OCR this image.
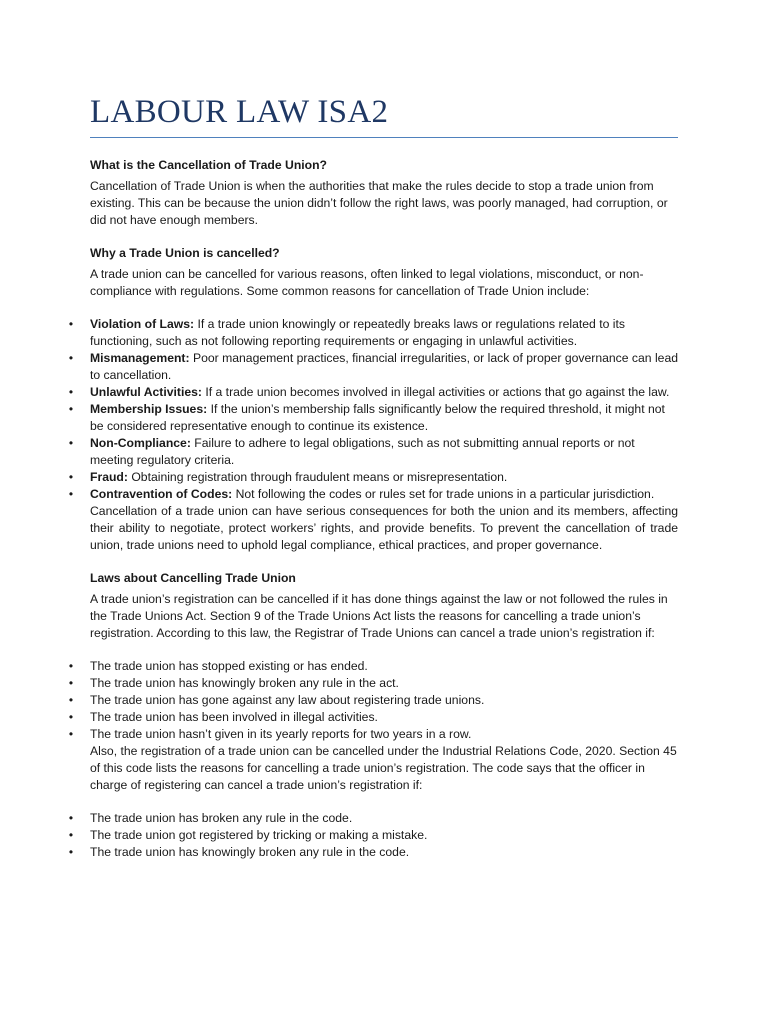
LABOUR LAW ISA2

What is the Cancellation of Trade Union?

Cancellation of Trade Union is when the authorities that make the rules decide to stop a trade union from existing. This can be because the union didn’t follow the right laws, was poorly managed, had corruption, or did not have enough members.

Why a Trade Union is cancelled?

A trade union can be cancelled for various reasons, often linked to legal violations, misconduct, or non-compliance with regulations. Some common reasons for cancellation of Trade Union include:

• Violation of Laws: If a trade union knowingly or repeatedly breaks laws or regulations related to its functioning, such as not following reporting requirements or engaging in unlawful activities.
• Mismanagement: Poor management practices, financial irregularities, or lack of proper governance can lead to cancellation.
• Unlawful Activities: If a trade union becomes involved in illegal activities or actions that go against the law.
• Membership Issues: If the union’s membership falls significantly below the required threshold, it might not be considered representative enough to continue its existence.
• Non-Compliance: Failure to adhere to legal obligations, such as not submitting annual reports or not meeting regulatory criteria.
• Fraud: Obtaining registration through fraudulent means or misrepresentation.
• Contravention of Codes: Not following the codes or rules set for trade unions in a particular jurisdiction.

Cancellation of a trade union can have serious consequences for both the union and its members, affecting their ability to negotiate, protect workers’ rights, and provide benefits. To prevent the cancellation of trade union, trade unions need to uphold legal compliance, ethical practices, and proper governance.

Laws about Cancelling Trade Union

A trade union’s registration can be cancelled if it has done things against the law or not followed the rules in the Trade Unions Act. Section 9 of the Trade Unions Act lists the reasons for cancelling a trade union’s registration. According to this law, the Registrar of Trade Unions can cancel a trade union’s registration if:

• The trade union has stopped existing or has ended.
• The trade union has knowingly broken any rule in the act.
• The trade union has gone against any law about registering trade unions.
• The trade union has been involved in illegal activities.
• The trade union hasn’t given in its yearly reports for two years in a row.

Also, the registration of a trade union can be cancelled under the Industrial Relations Code, 2020. Section 45 of this code lists the reasons for cancelling a trade union’s registration. The code says that the officer in charge of registering can cancel a trade union’s registration if:

• The trade union has broken any rule in the code.
• The trade union got registered by tricking or making a mistake.
• The trade union has knowingly broken any rule in the code.
